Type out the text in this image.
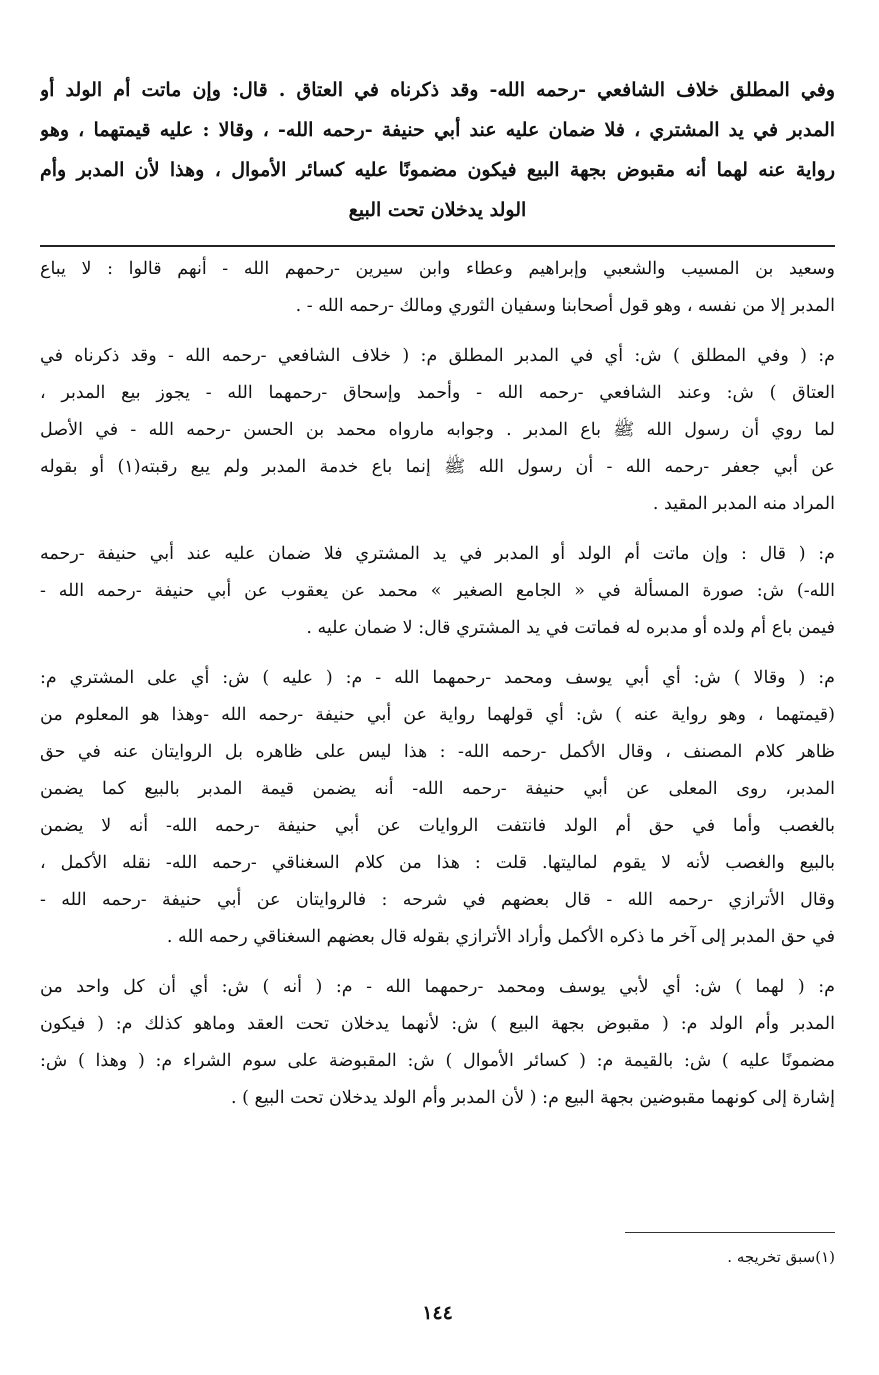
وفي المطلق خلاف الشافعي -رحمه الله- وقد ذكرناه في العتاق . قال: وإن ماتت أم الولد أو
المدبر في يد المشتري ، فلا ضمان عليه عند أبي حنيفة -رحمه الله- ، وقالا : عليه قيمتهما ، وهو
رواية عنه لهما أنه مقبوض بجهة البيع فيكون مضمونًا عليه كسائر الأموال ، وهذا لأن المدبر وأم
الولد يدخلان تحت البيع
وسعيد بن المسيب والشعبي وإبراهيم وعطاء وابن سيرين -رحمهم الله - أنهم قالوا : لا يباع
المدبر إلا من نفسه ، وهو قول أصحابنا وسفيان الثوري ومالك -رحمه الله - .
م: ( وفي المطلق ) ش: أي في المدبر المطلق م: ( خلاف الشافعي -رحمه الله - وقد ذكرناه في
العتاق ) ش: وعند الشافعي -رحمه الله - وأحمد وإسحاق -رحمهما الله - يجوز بيع المدبر ،
لما روي أن رسول الله ﷺ باع المدبر . وجوابه مارواه محمد بن الحسن -رحمه الله - في الأصل
عن أبي جعفر -رحمه الله - أن رسول الله ﷺ إنما باع خدمة المدبر ولم يبع رقبته(١) أو بقوله
المراد منه المدبر المقيد .
م: ( قال : وإن ماتت أم الولد أو المدبر في يد المشتري فلا ضمان عليه عند أبي حنيفة -رحمه
الله-) ش: صورة المسألة في « الجامع الصغير » محمد عن يعقوب عن أبي حنيفة -رحمه الله -
فيمن باع أم ولده أو مدبره له فماتت في يد المشتري قال: لا ضمان عليه .
م: ( وقالا ) ش: أي أبي يوسف ومحمد -رحمهما الله - م: ( عليه ) ش: أي على المشتري م:
(قيمتهما ، وهو رواية عنه ) ش: أي قولهما رواية عن أبي حنيفة -رحمه الله -وهذا هو المعلوم من
ظاهر كلام المصنف ، وقال الأكمل -رحمه الله- : هذا ليس على ظاهره بل الروايتان عنه في حق
المدبر، روى المعلى عن أبي حنيفة -رحمه الله- أنه يضمن قيمة المدبر بالبيع كما يضمن
بالغصب وأما في حق أم الولد فانتفت الروايات عن أبي حنيفة -رحمه الله- أنه لا يضمن
بالبيع والغصب لأنه لا يقوم لماليتها. قلت : هذا من كلام السغناقي -رحمه الله- نقله الأكمل ،
وقال الأترازي -رحمه الله - قال بعضهم في شرحه : فالروايتان عن أبي حنيفة -رحمه الله -
في حق المدبر إلى آخر ما ذكره الأكمل وأراد الأترازي بقوله قال بعضهم السغناقي رحمه الله .
م: ( لهما ) ش: أي لأبي يوسف ومحمد -رحمهما الله - م: ( أنه ) ش: أي أن كل واحد من
المدبر وأم الولد م: ( مقبوض بجهة البيع ) ش: لأنهما يدخلان تحت العقد وماهو كذلك م: ( فيكون
مضمونًا عليه ) ش: بالقيمة م: ( كسائر الأموال ) ش: المقبوضة على سوم الشراء م: ( وهذا ) ش:
إشارة إلى كونهما مقبوضين بجهة البيع م: ( لأن المدبر وأم الولد يدخلان تحت البيع ) .
(١)سبق تخريجه .
١٤٤
